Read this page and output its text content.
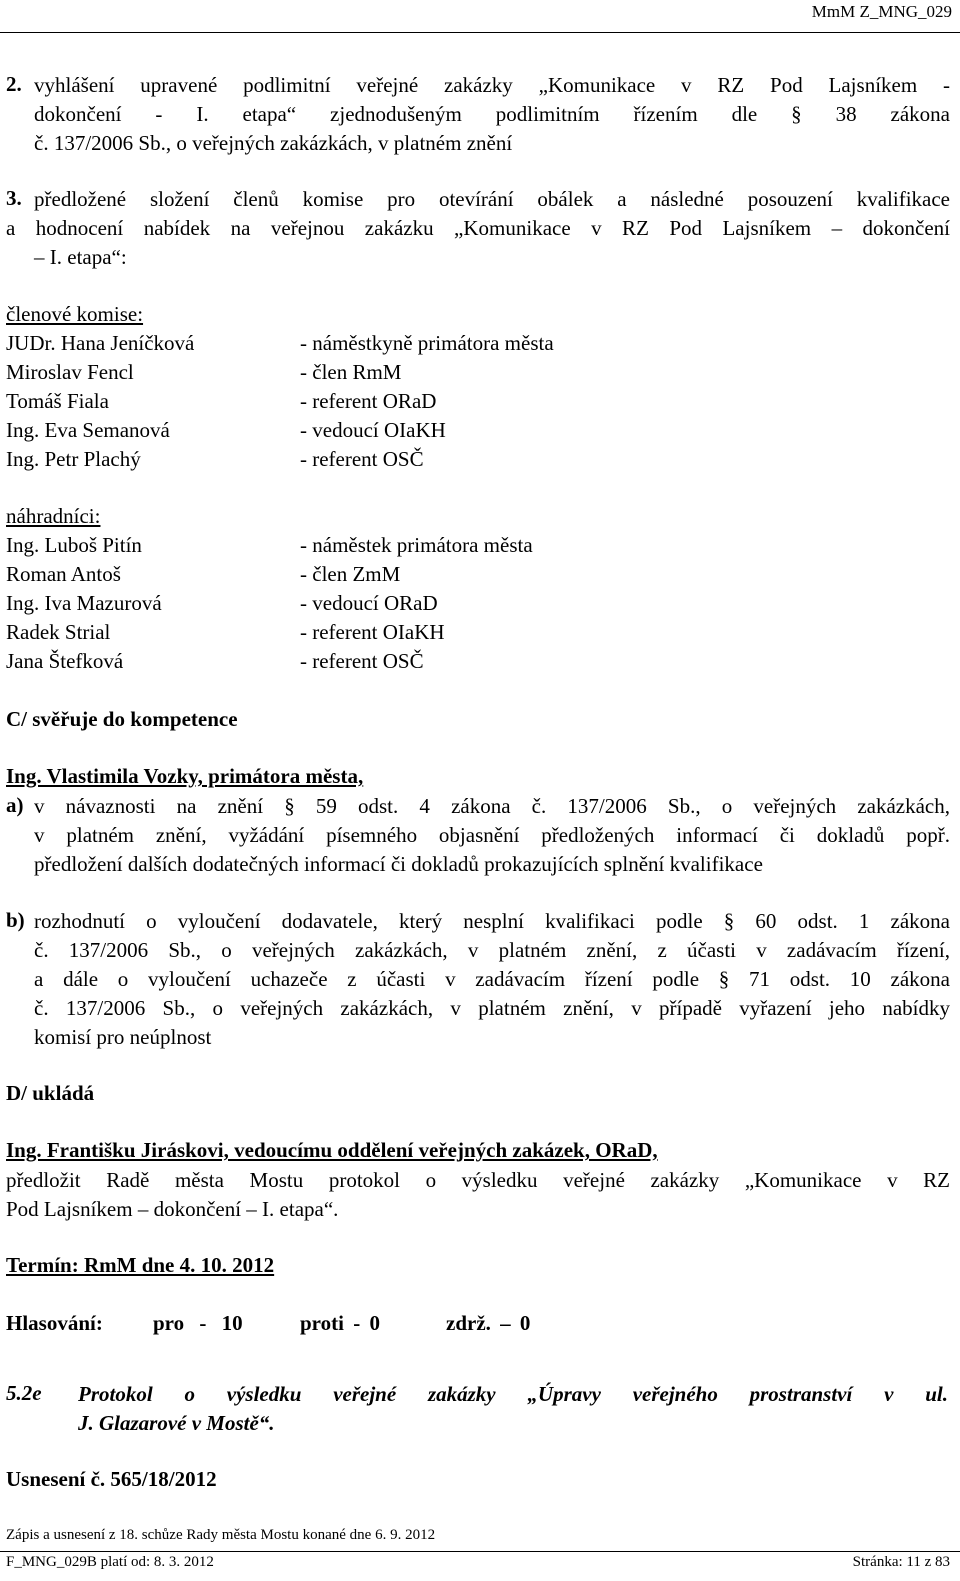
MmM Z_MNG_029
2. vyhlášení upravené podlimitní veřejné zakázky „Komunikace v RZ Pod Lajsníkem -
dokončení - I. etapa“ zjednodušeným podlimitním řízením dle § 38 zákona
č. 137/2006 Sb., o veřejných zakázkách, v platném znění
3. předložené složení členů komise pro otevírání obálek a následné posouzení kvalifikace
a hodnocení nabídek na veřejnou zakázku „Komunikace v RZ Pod Lajsníkem – dokončení
– I. etapa“:
členové komise:
JUDr. Hana Jeníčková	- náměstkyně primátora města
Miroslav Fencl	- člen RmM
Tomáš Fiala	- referent ORaD
Ing. Eva Semanová	- vedoucí OIaKH
Ing. Petr Plachý	- referent OSČ
náhradníci:
Ing. Luboš Pitín	- náměstek primátora města
Roman Antoš	- člen ZmM
Ing. Iva Mazurová	- vedoucí ORaD
Radek Strial	- referent OIaKH
Jana Štefková	- referent OSČ
C/ svěřuje do kompetence
Ing. Vlastimila Vozky, primátora města,
a) v návaznosti na znění § 59 odst. 4 zákona č. 137/2006 Sb., o veřejných zakázkách,
v platném znění, vyžádání písemného objasnění předložených informací či dokladů popř.
předložení dalších dodatečných informací či dokladů prokazujících splnění kvalifikace
b) rozhodnutí o vyloučení dodavatele, který nesplní kvalifikaci podle § 60 odst. 1 zákona
č. 137/2006 Sb., o veřejných zakázkách, v platném znění, z účasti v zadávacím řízení,
a dále o vyloučení uchazeče z účasti v zadávacím řízení podle § 71 odst. 10 zákona
č. 137/2006 Sb., o veřejných zakázkách, v platném znění, v případě vyřazení jeho nabídky
komisí pro neúplnost
D/ ukládá
Ing. Františku Jiráskovi, vedoucímu oddělení veřejných zakázek, ORaD,
předložit Radě města Mostu protokol o výsledku veřejné zakázky „Komunikace v RZ
Pod Lajsníkem – dokončení – I. etapa“.
Termín: RmM dne 4. 10. 2012
Hlasování: pro - 10	proti - 0	zdrž. – 0
5.2e Protokol o výsledku veřejné zakázky „Úpravy veřejného prostranství v ul.
J. Glazarové v Mostě“.
Usnesení č. 565/18/2012
Zápis a usnesení z 18. schůze Rady města Mostu konané dne 6. 9. 2012
F_MNG_029B platí od: 8. 3. 2012	Stránka: 11 z 83
